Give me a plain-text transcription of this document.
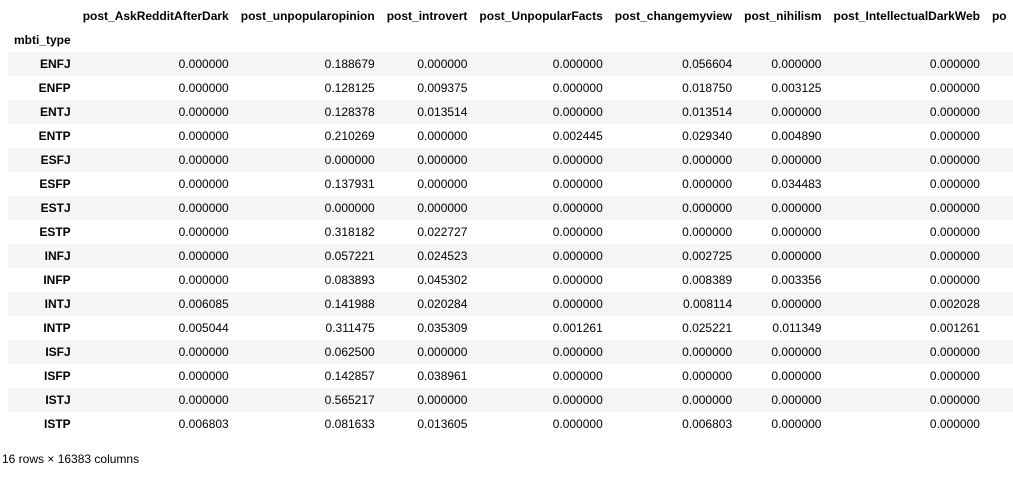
	post_AskRedditAfterDark	post_unpopularopinion	post_introvert	post_UnpopularFacts	post_changemyview	post_nihilism	post_IntellectualDarkWeb	po
mbti_type								
ENFJ	0.000000	0.188679	0.000000	0.000000	0.056604	0.000000	0.000000	
ENFP	0.000000	0.128125	0.009375	0.000000	0.018750	0.003125	0.000000	
ENTJ	0.000000	0.128378	0.013514	0.000000	0.013514	0.000000	0.000000	
ENTP	0.000000	0.210269	0.000000	0.002445	0.029340	0.004890	0.000000	
ESFJ	0.000000	0.000000	0.000000	0.000000	0.000000	0.000000	0.000000	
ESFP	0.000000	0.137931	0.000000	0.000000	0.000000	0.034483	0.000000	
ESTJ	0.000000	0.000000	0.000000	0.000000	0.000000	0.000000	0.000000	
ESTP	0.000000	0.318182	0.022727	0.000000	0.000000	0.000000	0.000000	
INFJ	0.000000	0.057221	0.024523	0.000000	0.002725	0.000000	0.000000	
INFP	0.000000	0.083893	0.045302	0.000000	0.008389	0.003356	0.000000	
INTJ	0.006085	0.141988	0.020284	0.000000	0.008114	0.000000	0.002028	
INTP	0.005044	0.311475	0.035309	0.001261	0.025221	0.011349	0.001261	
ISFJ	0.000000	0.062500	0.000000	0.000000	0.000000	0.000000	0.000000	
ISFP	0.000000	0.142857	0.038961	0.000000	0.000000	0.000000	0.000000	
ISTJ	0.000000	0.565217	0.000000	0.000000	0.000000	0.000000	0.000000	
ISTP	0.006803	0.081633	0.013605	0.000000	0.006803	0.000000	0.000000	
16 rows × 16383 columns
